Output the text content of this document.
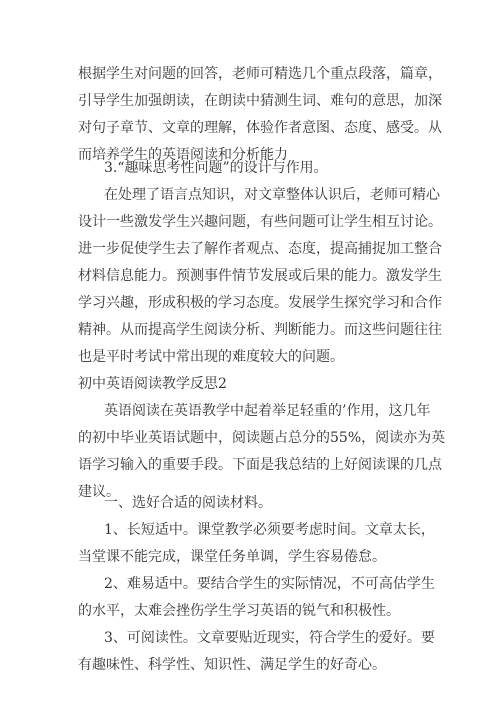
根据学生对问题的回答，老师可精选几个重点段落，篇章，
引导学生加强朗读，在朗读中猜测生词、难句的意思，加深
对句子章节、文章的理解，体验作者意图、态度、感受。从
而培养学生的英语阅读和分析能力
3.“趣味思考性问题”的设计与作用。
在处理了语言点知识，对文章整体认识后，老师可精心
设计一些激发学生兴趣问题，有些问题可让学生相互讨论。
进一步促使学生去了解作者观点、态度，提高捕捉加工整合
材料信息能力。预测事件情节发展或后果的能力。激发学生
学习兴趣，形成积极的学习态度。发展学生探究学习和合作
精神。从而提高学生阅读分析、判断能力。而这些问题往往
也是平时考试中常出现的难度较大的问题。
初中英语阅读教学反思2
英语阅读在英语教学中起着举足轻重的’作用，这几年
的初中毕业英语试题中，阅读题占总分的55%，阅读亦为英
语学习输入的重要手段。下面是我总结的上好阅读课的几点
建议。
一、选好合适的阅读材料。
1、长短适中。课堂教学必须要考虑时间。文章太长，
当堂课不能完成，课堂任务单调，学生容易倦怠。
2、难易适中。要结合学生的实际情况，不可高估学生
的水平，太难会挫伤学生学习英语的锐气和积极性。
3、可阅读性。文章要贴近现实，符合学生的爱好。要
有趣味性、科学性、知识性、满足学生的好奇心。
